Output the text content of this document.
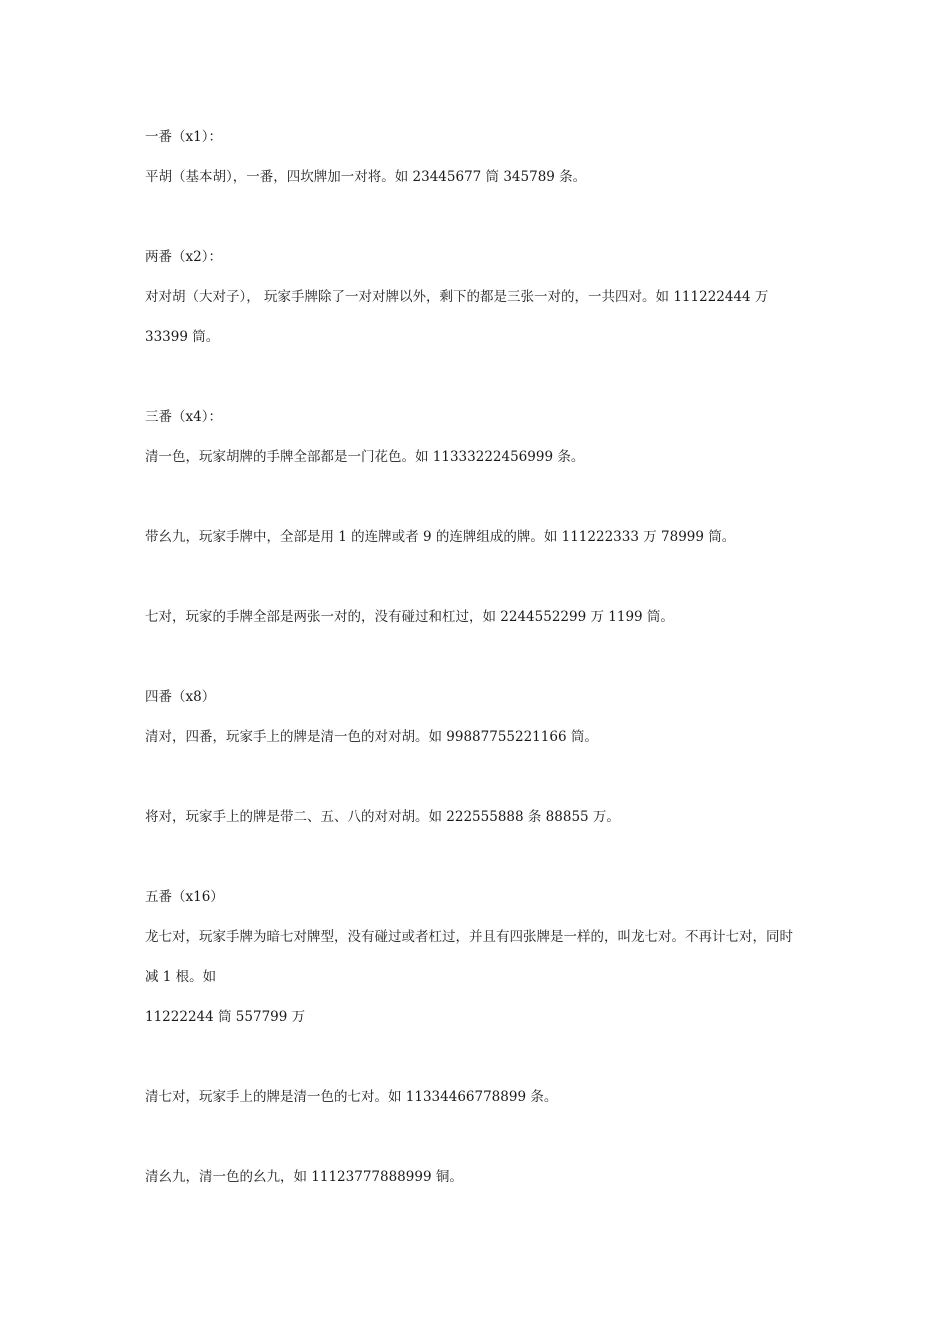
一番（x1）：
平胡（基本胡），一番，四坎牌加一对将。如 23445677 筒 345789 条。
两番（x2）：
对对胡（大对子）， 玩家手牌除了一对对牌以外，剩下的都是三张一对的，一共四对。如 111222444 万
33399 筒。
三番（x4）：
清一色，玩家胡牌的手牌全部都是一门花色。如 11333222456999 条。
带幺九，玩家手牌中，全部是用 1 的连牌或者 9 的连牌组成的牌。如 111222333 万 78999 筒。
七对，玩家的手牌全部是两张一对的，没有碰过和杠过，如 2244552299 万 1199 筒。
四番（x8）
清对，四番，玩家手上的牌是清一色的对对胡。如 99887755221166 筒。
将对，玩家手上的牌是带二、五、八的对对胡。如 222555888 条 88855 万。
五番（x16）
龙七对，玩家手牌为暗七对牌型，没有碰过或者杠过，并且有四张牌是一样的，叫龙七对。不再计七对，同时
减 1 根。如
11222244 筒 557799 万
清七对，玩家手上的牌是清一色的七对。如 11334466778899 条。
清幺九，清一色的幺九，如 11123777888999 铜。
